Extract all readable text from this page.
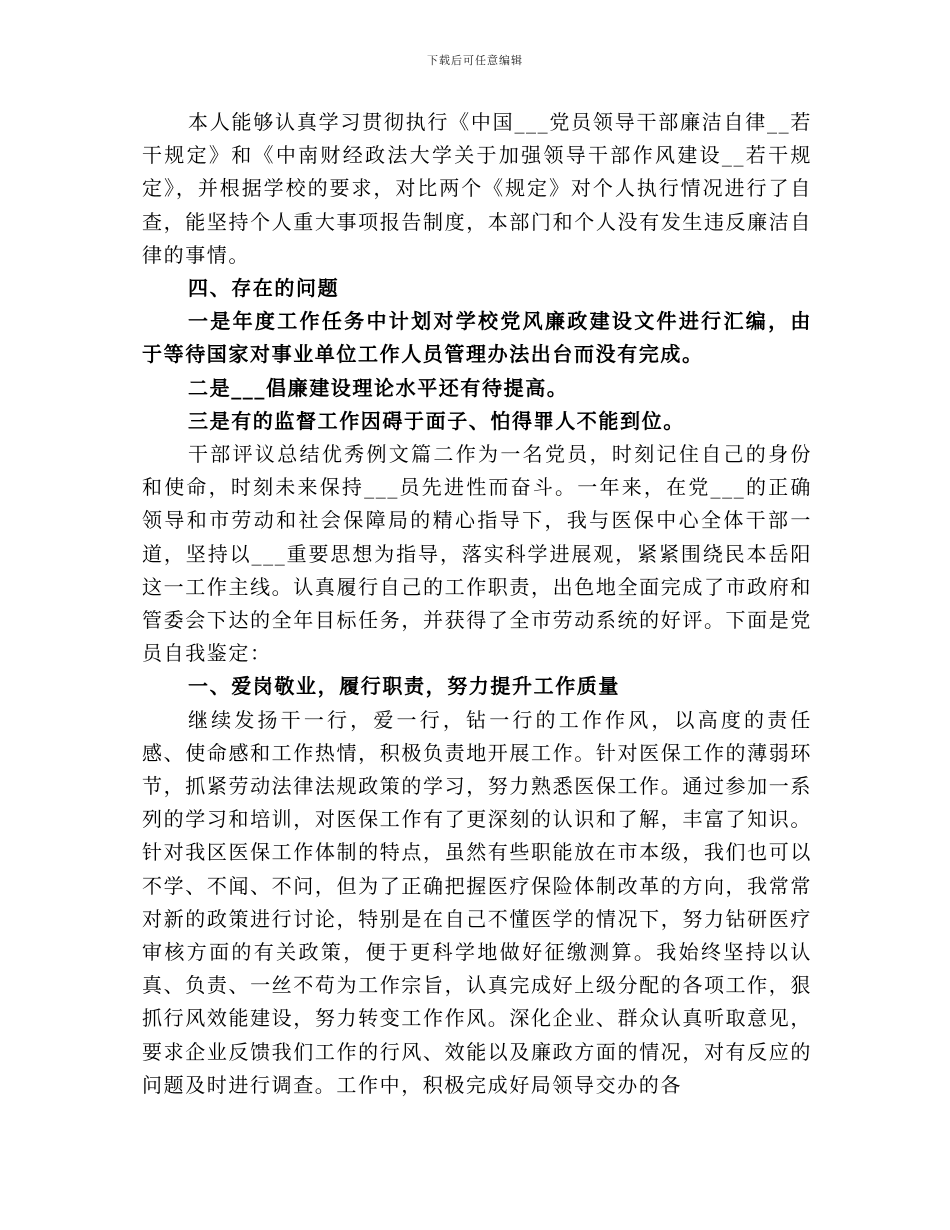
下载后可任意编辑

本人能够认真学习贯彻执行《中国___党员领导干部廉洁自律__若干规定》和《中南财经政法大学关于加强领导干部作风建设__若干规定》，并根据学校的要求，对比两个《规定》对个人执行情况进行了自查，能坚持个人重大事项报告制度，本部门和个人没有发生违反廉洁自律的事情。

四、存在的问题

一是年度工作任务中计划对学校党风廉政建设文件进行汇编，由于等待国家对事业单位工作人员管理办法出台而没有完成。

二是___倡廉建设理论水平还有待提高。

三是有的监督工作因碍于面子、怕得罪人不能到位。

干部评议总结优秀例文篇二作为一名党员，时刻记住自己的身份和使命，时刻未来保持___员先进性而奋斗。一年来，在党___的正确领导和市劳动和社会保障局的精心指导下，我与医保中心全体干部一道，坚持以___重要思想为指导，落实科学进展观，紧紧围绕民本岳阳这一工作主线。认真履行自己的工作职责，出色地全面完成了市政府和管委会下达的全年目标任务，并获得了全市劳动系统的好评。下面是党员自我鉴定：

一、爱岗敬业，履行职责，努力提升工作质量

继续发扬干一行，爱一行，钻一行的工作作风，以高度的责任感、使命感和工作热情，积极负责地开展工作。针对医保工作的薄弱环节，抓紧劳动法律法规政策的学习，努力熟悉医保工作。通过参加一系列的学习和培训，对医保工作有了更深刻的认识和了解，丰富了知识。针对我区医保工作体制的特点，虽然有些职能放在市本级，我们也可以不学、不闻、不问，但为了正确把握医疗保险体制改革的方向，我常常对新的政策进行讨论，特别是在自己不懂医学的情况下，努力钻研医疗审核方面的有关政策，便于更科学地做好征缴测算。我始终坚持以认真、负责、一丝不苟为工作宗旨，认真完成好上级分配的各项工作，狠抓行风效能建设，努力转变工作作风。深化企业、群众认真听取意见，要求企业反馈我们工作的行风、效能以及廉政方面的情况，对有反应的问题及时进行调查。工作中，积极完成好局领导交办的各
